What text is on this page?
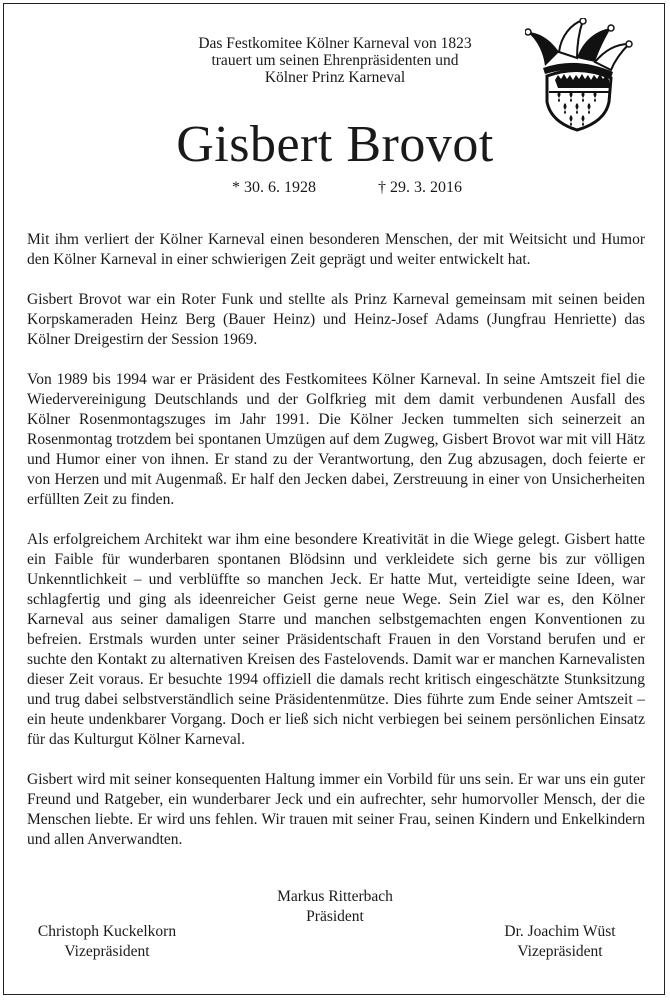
Das Festkomitee Kölner Karneval von 1823
trauert um seinen Ehrenpräsidenten und
Kölner Prinz Karneval
Gisbert Brovot
* 30. 6. 1928	† 29. 3. 2016

Mit ihm verliert der Kölner Karneval einen besonderen Menschen, der mit Weitsicht und Humor den Kölner Karneval in einer schwierigen Zeit geprägt und weiter entwickelt hat.

Gisbert Brovot war ein Roter Funk und stellte als Prinz Karneval gemeinsam mit seinen beiden Korpskameraden Heinz Berg (Bauer Heinz) und Heinz-Josef Adams (Jungfrau Henriette) das Kölner Dreigestirn der Session 1969.

Von 1989 bis 1994 war er Präsident des Festkomitees Kölner Karneval. In seine Amtszeit fiel die Wiedervereinigung Deutschlands und der Golfkrieg mit dem damit verbundenen Ausfall des Kölner Rosenmontagszuges im Jahr 1991. Die Kölner Jecken tummelten sich seinerzeit an Rosenmontag trotzdem bei spontanen Umzügen auf dem Zugweg, Gisbert Brovot war mit vill Hätz und Humor einer von ihnen. Er stand zu der Verantwortung, den Zug abzusagen, doch feierte er von Herzen und mit Augenmaß. Er half den Jecken dabei, Zerstreuung in einer von Unsicherheiten erfüllten Zeit zu finden.

Als erfolgreichem Architekt war ihm eine besondere Kreativität in die Wiege gelegt. Gisbert hatte ein Faible für wunderbaren spontanen Blödsinn und verkleidete sich gerne bis zur völligen Unkenntlichkeit – und verblüffte so manchen Jeck. Er hatte Mut, verteidigte seine Ideen, war schlagfertig und ging als ideenreicher Geist gerne neue Wege. Sein Ziel war es, den Kölner Karneval aus seiner damaligen Starre und manchen selbstgemachten engen Konventionen zu befreien. Erstmals wurden unter seiner Präsidentschaft Frauen in den Vorstand berufen und er suchte den Kontakt zu alternativen Kreisen des Fastelovends. Damit war er manchen Karnevalisten dieser Zeit voraus. Er besuchte 1994 offiziell die damals recht kritisch eingeschätzte Stunksitzung und trug dabei selbstverständlich seine Präsidentenmütze. Dies führte zum Ende seiner Amtszeit – ein heute undenkbarer Vorgang. Doch er ließ sich nicht verbiegen bei seinem persönlichen Einsatz für das Kulturgut Kölner Karneval.

Gisbert wird mit seiner konsequenten Haltung immer ein Vorbild für uns sein. Er war uns ein guter Freund und Ratgeber, ein wunderbarer Jeck und ein aufrechter, sehr humorvoller Mensch, der die Menschen liebte. Er wird uns fehlen. Wir trauen mit seiner Frau, seinen Kindern und Enkelkindern und allen Anverwandten.

Markus Ritterbach
Präsident
Christoph Kuckelkorn
Vizepräsident
Dr. Joachim Wüst
Vizepräsident
